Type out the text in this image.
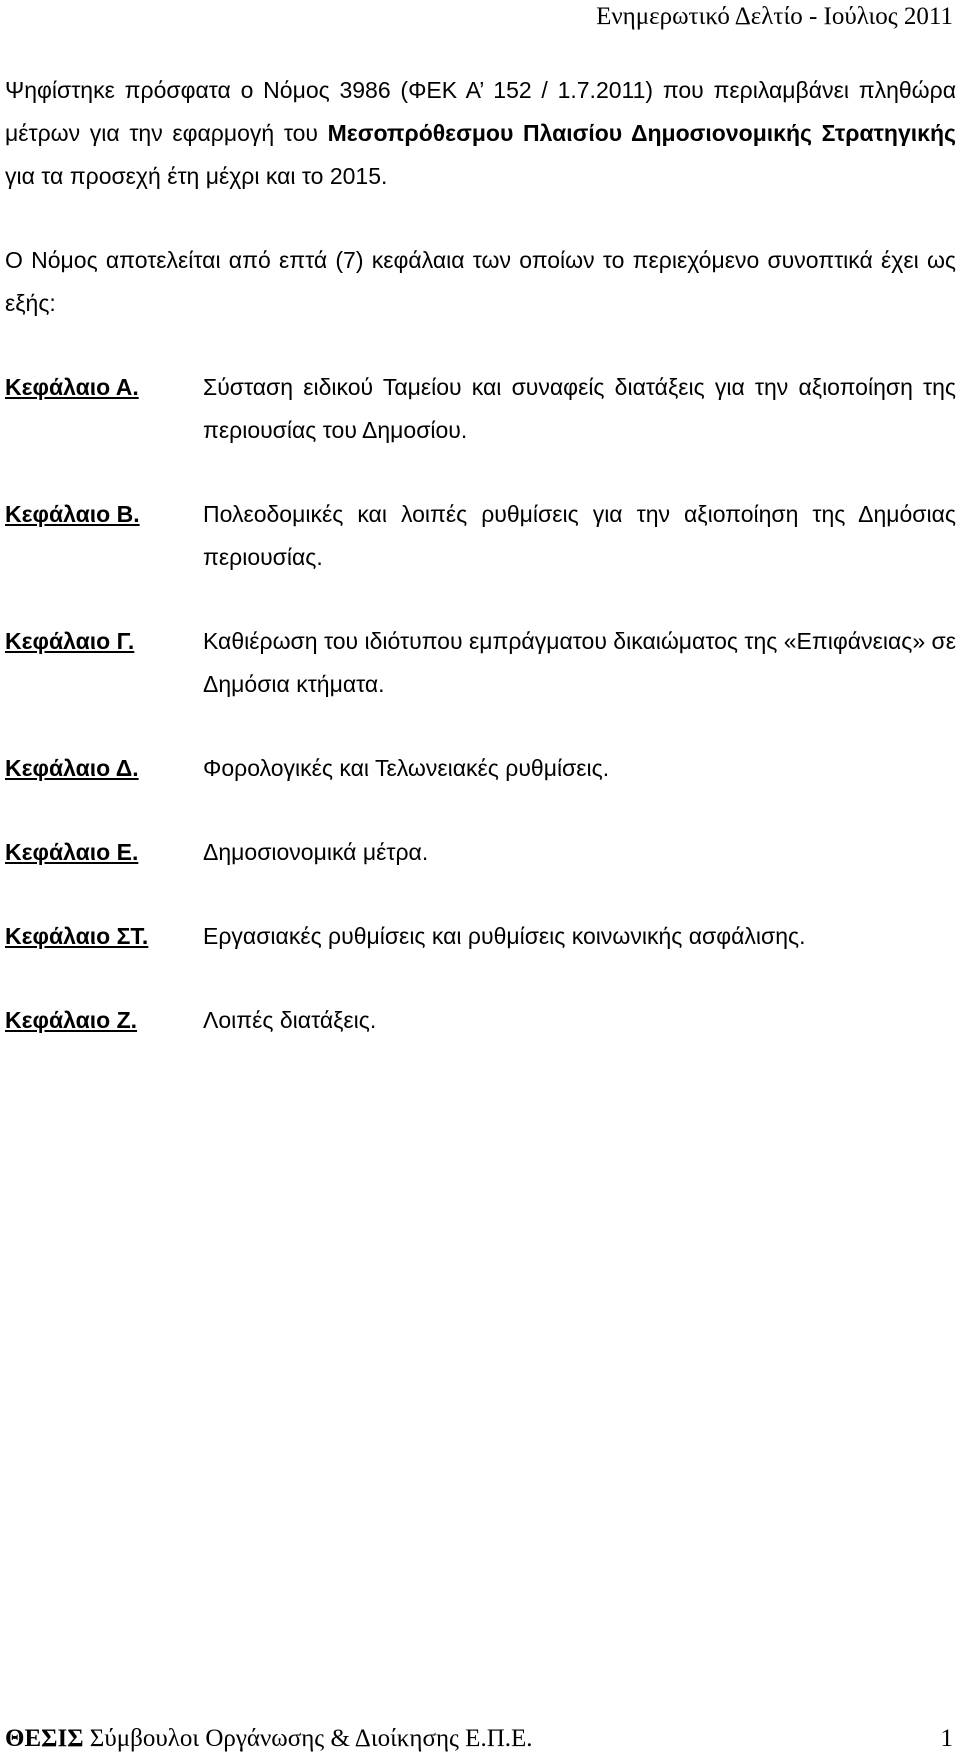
Ενημερωτικό Δελτίο - Ιούλιος 2011

Ψηφίστηκε πρόσφατα ο Νόμος 3986 (ΦΕΚ Α’ 152 / 1.7.2011) που περιλαμβάνει πληθώρα μέτρων για την εφαρμογή του Μεσοπρόθεσμου Πλαισίου Δημοσιονομικής Στρατηγικής για τα προσεχή έτη μέχρι και το 2015.

Ο Νόμος αποτελείται από επτά (7) κεφάλαια των οποίων το περιεχόμενο συνοπτικά έχει ως εξής:

Κεφάλαιο Α.	Σύσταση ειδικού Ταμείου και συναφείς διατάξεις για την αξιοποίηση της περιουσίας του Δημοσίου.
Κεφάλαιο Β.	Πολεοδομικές και λοιπές ρυθμίσεις για την αξιοποίηση της Δημόσιας περιουσίας.
Κεφάλαιο Γ.	Καθιέρωση του ιδιότυπου εμπράγματου δικαιώματος της «Επιφάνειας» σε Δημόσια κτήματα.
Κεφάλαιο Δ.	Φορολογικές και Τελωνειακές ρυθμίσεις.
Κεφάλαιο Ε.	Δημοσιονομικά μέτρα.
Κεφάλαιο ΣΤ.	Εργασιακές ρυθμίσεις και ρυθμίσεις κοινωνικής ασφάλισης.
Κεφάλαιο Ζ.	Λοιπές διατάξεις.
ΘΕΣΙΣ Σύμβουλοι Οργάνωσης & Διοίκησης Ε.Π.Ε.	1
